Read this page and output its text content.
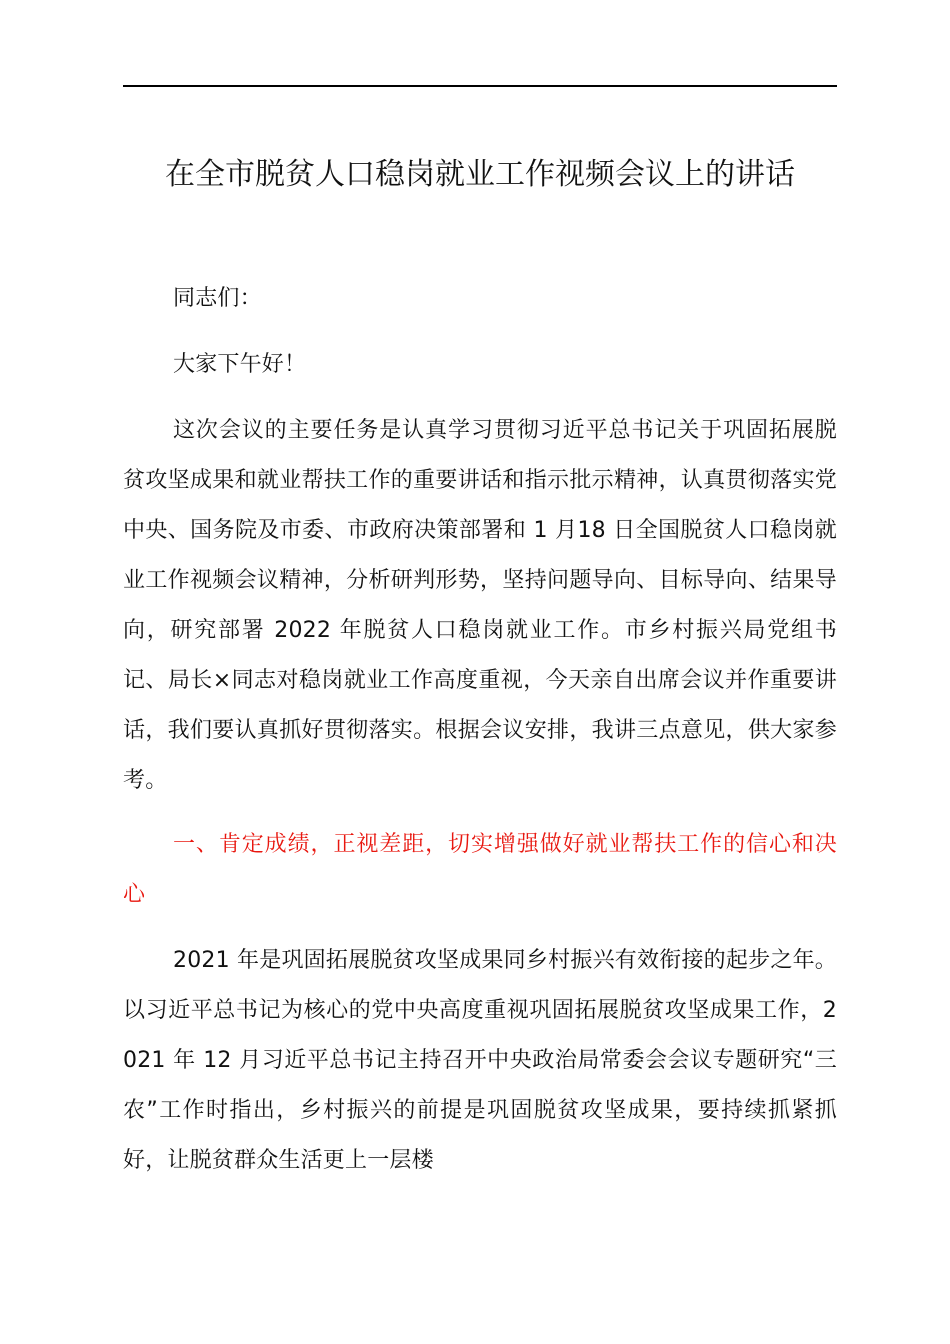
在全市脱贫人口稳岗就业工作视频会议上的讲话

同志们：

大家下午好！

这次会议的主要任务是认真学习贯彻习近平总书记关于巩固拓展脱贫攻坚成果和就业帮扶工作的重要讲话和指示批示精神，认真贯彻落实党中央、国务院及市委、市政府决策部署和 1 月18 日全国脱贫人口稳岗就业工作视频会议精神，分析研判形势，坚持问题导向、目标导向、结果导向，研究部署 2022 年脱贫人口稳岗就业工作。市乡村振兴局党组书记、局长×同志对稳岗就业工作高度重视，今天亲自出席会议并作重要讲话，我们要认真抓好贯彻落实。根据会议安排，我讲三点意见，供大家参考。

一、肯定成绩，正视差距，切实增强做好就业帮扶工作的信心和决心

2021 年是巩固拓展脱贫攻坚成果同乡村振兴有效衔接的起步之年。以习近平总书记为核心的党中央高度重视巩固拓展脱贫攻坚成果工作，2021 年 12 月习近平总书记主持召开中央政治局常委会会议专题研究“三农”工作时指出，乡村振兴的前提是巩固脱贫攻坚成果，要持续抓紧抓好，让脱贫群众生活更上一层楼
